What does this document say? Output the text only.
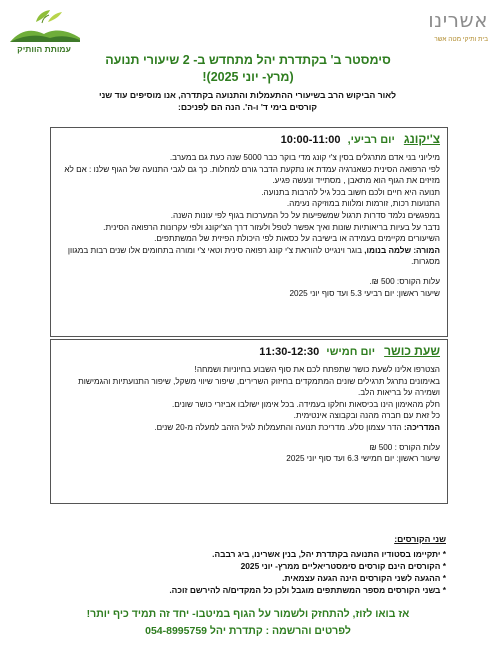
עמותת הוותיק
אשרינו
בית ותיקי מטה אשר
סימסטר ב' בקתדרת יהל מתחדש ב- 2 שיעורי תנועה
(מרץ- יוני 2025)!
לאור הביקוש הרב בשיעורי ההתעמלות והתנועה בקתדרה, אנו מוסיפים עוד שני
קורסים בימי ד' ו-ה'. הנה הם לפניכם:
צ'יקונג יום רביעי, 10:00-11:00
מיליוני בני אדם מתרגלים בסין צ'י קונג מדי בוקר כבר 5000 שנה כעת גם במערב.
לפי הרפואה הסינית כשאנרגיה עמדת או נתקעת הדבר גורם למחלות. כך גם לגבי התנועה של הגוף שלנו : אם לא מזיזים את הגוף הוא מתאבן , מסתייד ונעשה פגיע.
תנועה היא חיים ולכם חשוב בכל גיל להרבות בתנועה.
התנועות רכות, זורמות ומלוות במוזיקה נעימה.
במפגשים נלמד סדרות תרגול שמשפיעות על כל המערכות בגוף לפי עונות השנה.
נדבר על בעיות בריאותיות שונות ואיך אפשר לטפל ולעזור דרך הצ'יקונג ולפי עקרונות הרפואה הסינית.
השיעורים מקיימים בעמידה או בישיבה על כסאות לפי היכולת הפיזית של המשתתפים.
המורה: שלמה בנומו, בוגר וינגייט להוראת צ'י קונג רפואה סינית וטאי צ'י ומורה בתחומים אלו שנים רבות במגוון מסגרות.
עלות הקורס: 500 ₪.
שיעור ראשון: יום רביעי 5.3 ועד סוף יוני 2025
שעת כושר יום חמישי 11:30-12:30
הצטרפו אלינו לשעת כושר שתפתח לכם את סוף השבוע בחיוניות ושמחה!
באימונים נתרגל תרגילים שונים המתמקדים בחיזוק השרירים, שיפור שיווי משקל, שיפור התנועתיות והגמישות ושמירה על בריאות הלב.
חלק מהאימון הינו בכיסאות וחלקו בעמידה. בכל אימון ישולבו אביזרי כושר שונים.
כל זאת עם חברה מהנה ובקבוצה אינטימית.
המדריכה: הדר עצמון סלע. מדריכת תנועה והתעמלות לגיל הזהב למעלה מ-20 שנים.
עלות הקורס : 500 ₪
שיעור ראשון: יום חמישי 6.3 ועד סוף יוני 2025
שני הקורסים:
* יתקיימו בסטודיו התנועה בקתדרת יהל, בנין אשרינו, ביג רבבה.
* הקורסים הינם קורסים סימסטריאליים ממרץ- יוני 2025
* ההגעה לשני הקורסים הינה הגעה עצמאית.
* בשני הקורסים מספר המשתתפים מוגבל ולכן כל המקדים/ה להירשם זוכה.
אז בואו לזוז, להתחזק ולשמור על הגוף במיטבו- יחד זה תמיד כיף יותר!
לפרטים והרשמה : קתדרת יהל 054-8995759
